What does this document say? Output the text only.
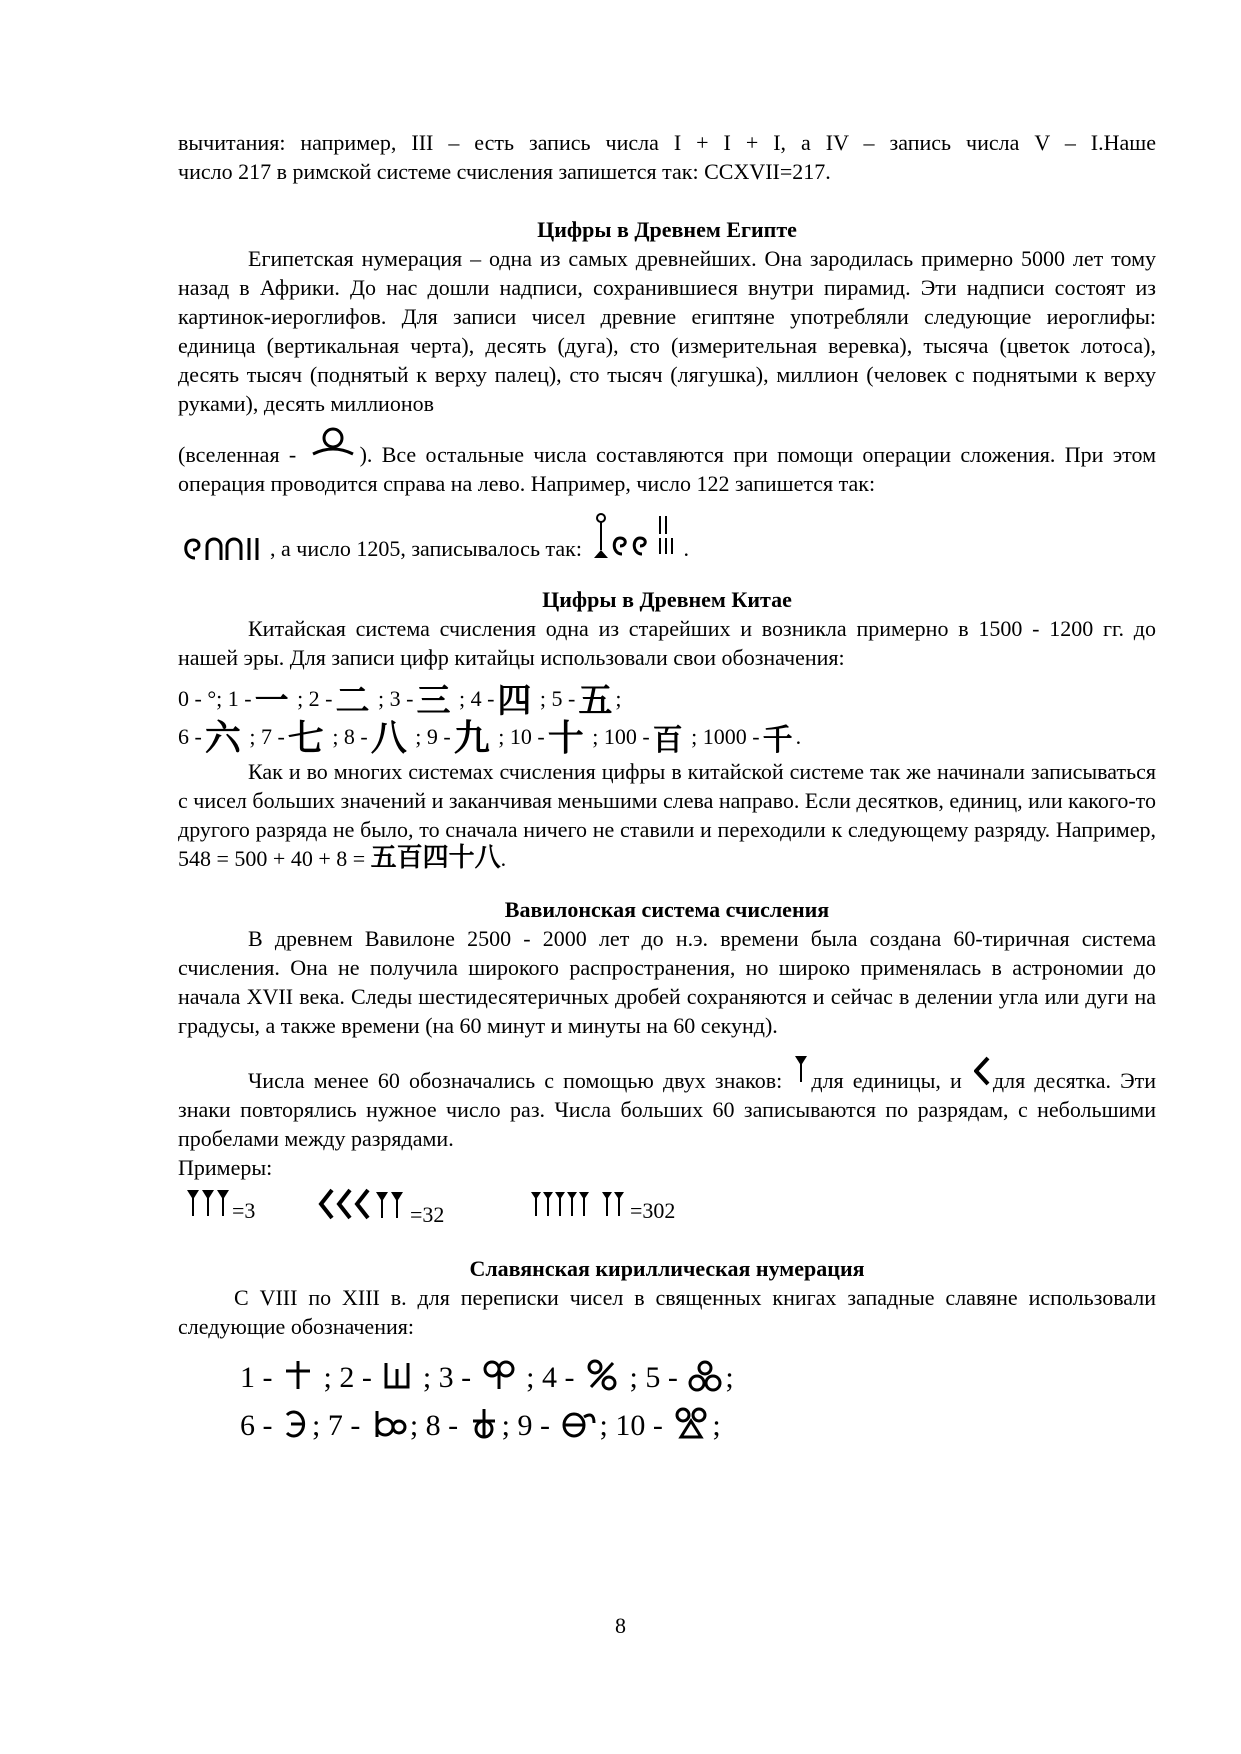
вычитания: например, III – есть запись числа I + I + I, а IV – запись числа V – I.Наше

число 217 в римской системе счисления запишется так: CCXVII=217.

Цифры в Древнем Египте

Египетская нумерация – одна из самых древнейших. Она зародилась примерно 5000 лет тому назад в Африки. До нас дошли надписи, сохранившиеся внутри пирамид. Эти надписи состоят из картинок-иероглифов. Для записи чисел древние египтяне употребляли следующие иероглифы: единица (вертикальная черта), десять (дуга), сто (измерительная веревка), тысяча (цветок лотоса), десять тысяч (поднятый к верху палец), сто тысяч (лягушка), миллион (человек с поднятыми к верху руками), десять миллионов

(вселенная -	). Все остальные числа составляются при помощи операции сложения. При этом операция проводится справа на лево. Например, число 122 запишется так:

, а число 1205, записывалось так:	.

Цифры в Древнем Китае

Китайская система счисления одна из старейших и возникла примерно в 1500 - 1200 гг. до нашей эры. Для записи цифр китайцы использовали свои обозначения:

0 - °; 1 -一 ; 2 -二 ; 3 -三 ; 4 -四 ; 5 -五 ;
6 -六 ; 7 -七 ; 8 -八 ; 9 -九 ; 10 -十 ; 100 - 百 ; 1000 - 千 .

Как и во многих системах счисления цифры в китайской системе так же начинали записываться с чисел больших значений и заканчивая меньшими слева направо. Если десятков, единиц, или какого-то другого разряда не было, то сначала ничего не ставили и переходили к следующему разряду. Например, 548 = 500 + 40 + 8 = 五百四十八.

Вавилонская система счисления

В древнем Вавилоне 2500 - 2000 лет до н.э. времени была создана 60-тиричная система счисления. Она не получила широкого распространения, но широко применялась в астрономии до начала XVII века. Следы шестидесятеричных дробей сохраняются и сейчас в делении угла или дуги на градусы, а также времени (на 60 минут и минуты на 60 секунд).

Числа менее 60 обозначались с помощью двух знаков: для единицы, и для десятка. Эти знаки повторялись нужное число раз. Числа больших 60 записываются по разрядам, с небольшими пробелами между разрядами.

Примеры:

=3	=32	=302
Славянская кириллическая нумерация

С VIII по XIII в. для переписки чисел в священных книгах западные славяне использовали следующие обозначения:

1 - ; 2 - ; 3 - ; 4 - ; 5 - ;
6 - ; 7 - ; 8 - ; 9 - ; 10 - ;
8
